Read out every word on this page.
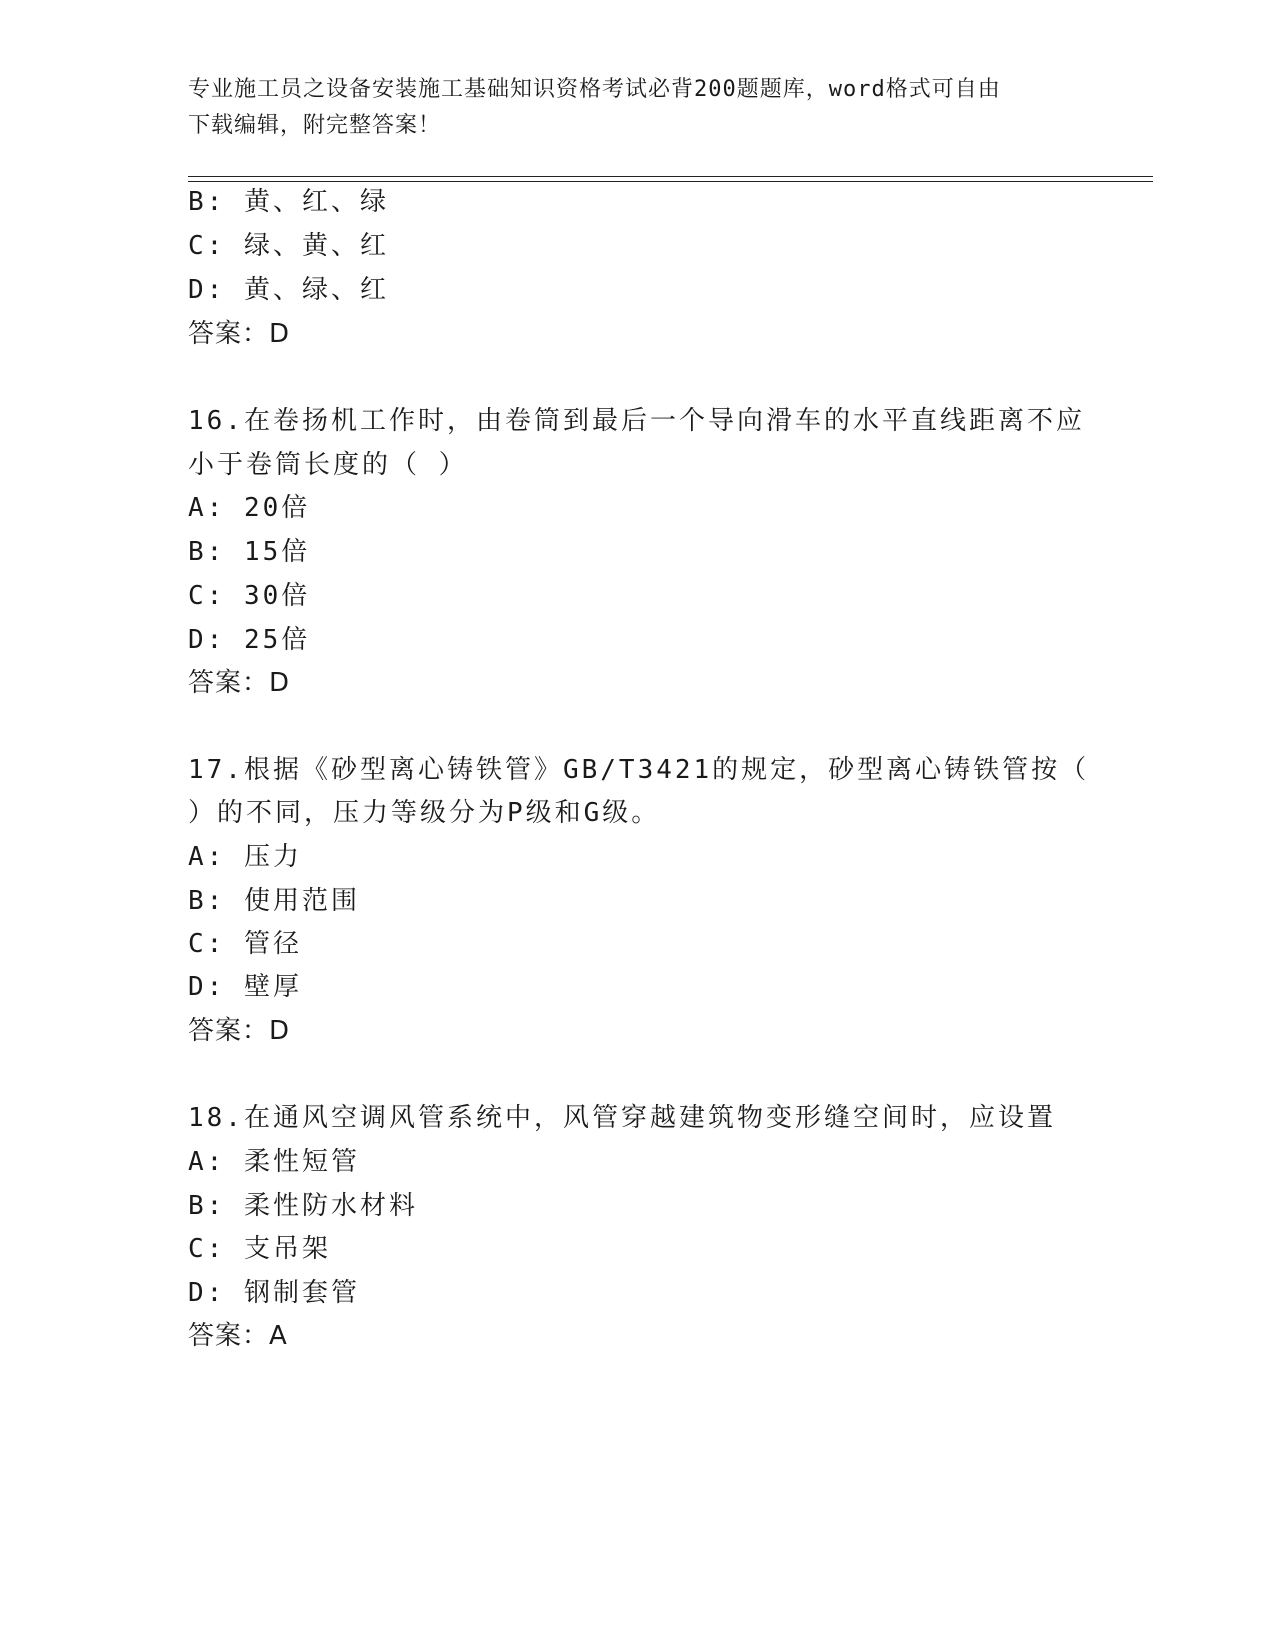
专业施工员之设备安装施工基础知识资格考试必背200题题库，word格式可自由
下载编辑，附完整答案！
B: 黄、红、绿
C: 绿、黄、红
D: 黄、绿、红
答案：D
16.在卷扬机工作时，由卷筒到最后一个导向滑车的水平直线距离不应
小于卷筒长度的（ ）
A: 20倍
B: 15倍
C: 30倍
D: 25倍
答案：D
17.根据《砂型离心铸铁管》GB/T3421的规定，砂型离心铸铁管按（
）的不同，压力等级分为P级和G级。
A: 压力
B: 使用范围
C: 管径
D: 壁厚
答案：D
18.在通风空调风管系统中，风管穿越建筑物变形缝空间时，应设置
A: 柔性短管
B: 柔性防水材料
C: 支吊架
D: 钢制套管
答案：A
